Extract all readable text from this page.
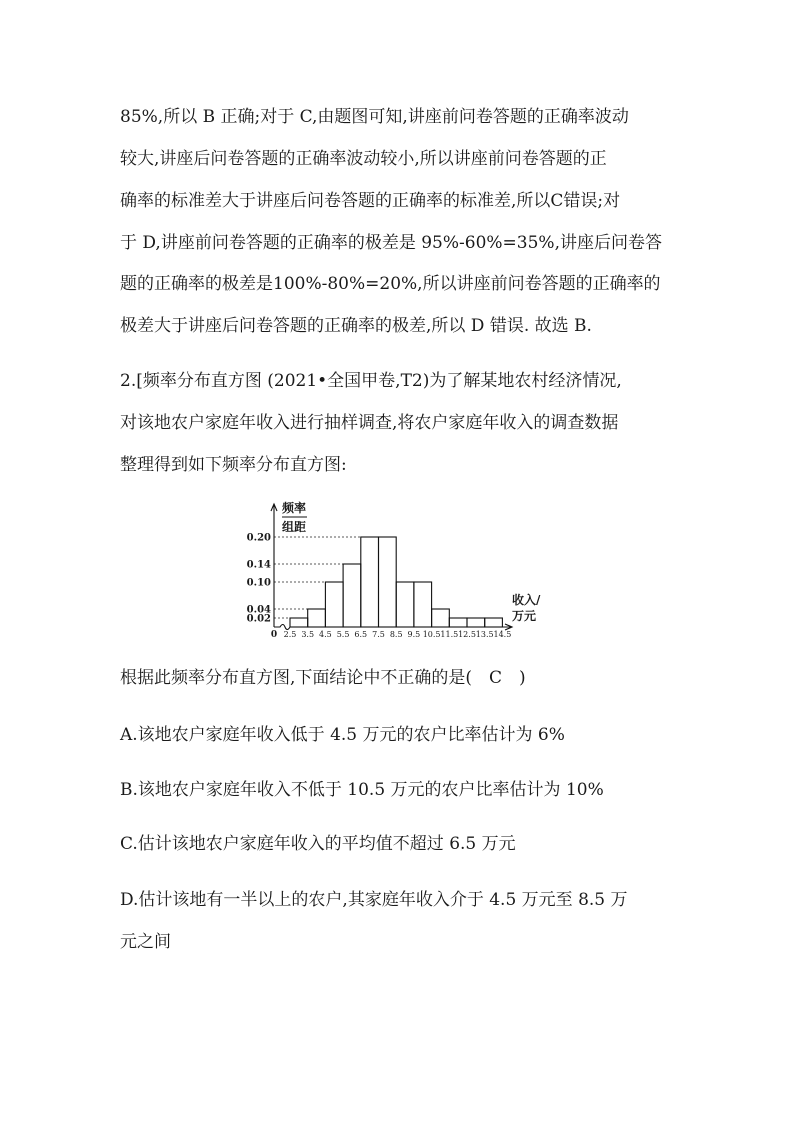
85%,所以 B 正确;对于 C,由题图可知,讲座前问卷答题的正确率波动
较大,讲座后问卷答题的正确率波动较小,所以讲座前问卷答题的正
确率的标准差大于讲座后问卷答题的正确率的标准差,所以C错误;对
于 D,讲座前问卷答题的正确率的极差是 95%-60%=35%,讲座后问卷答
题的正确率的极差是100%-80%=20%,所以讲座前问卷答题的正确率的
极差大于讲座后问卷答题的正确率的极差,所以 D 错误. 故选 B.
2.[频率分布直方图 (2021•全国甲卷,T2)为了解某地农村经济情况,
对该地农户家庭年收入进行抽样调查,将农户家庭年收入的调查数据
整理得到如下频率分布直方图:
0.02
0.04
0.10
0.14
0.20
0 2.5 3.5 4.5 5.5 6.5 7.5 8.5 9.5 10.5 11.5 12.5 13.5 14.5
频率
组距
收入/
万元
根据此频率分布直方图,下面结论中不正确的是(　C　)
A.该地农户家庭年收入低于 4.5 万元的农户比率估计为 6%
B.该地农户家庭年收入不低于 10.5 万元的农户比率估计为 10%
C.估计该地农户家庭年收入的平均值不超过 6.5 万元
D.估计该地有一半以上的农户,其家庭年收入介于 4.5 万元至 8.5 万
元之间
